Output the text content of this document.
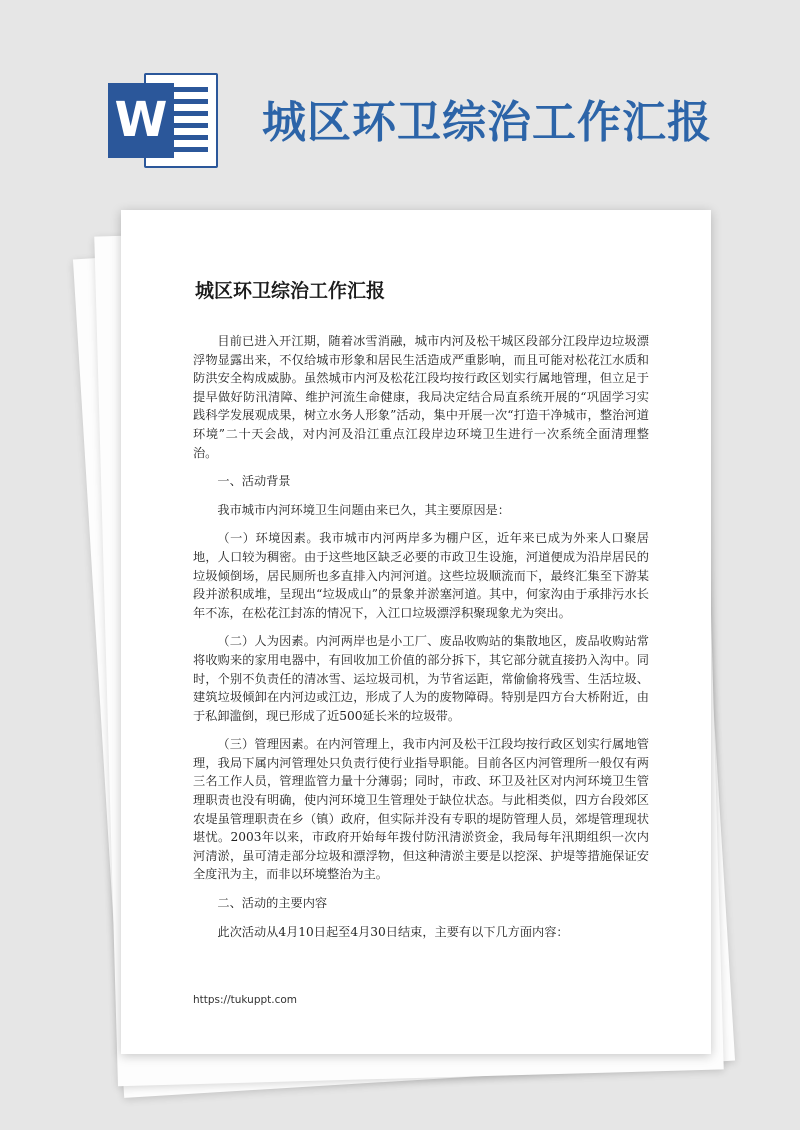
W 城区环卫综治工作汇报
城区环卫综治工作汇报

目前已进入开江期，随着冰雪消融，城市内河及松干城区段部分江段岸边垃圾漂浮物显露出来，不仅给城市形象和居民生活造成严重影响，而且可能对松花江水质和防洪安全构成威胁。虽然城市内河及松花江段均按行政区划实行属地管理，但立足于提早做好防汛清障、维护河流生命健康，我局决定结合局直系统开展的“巩固学习实践科学发展观成果，树立水务人形象”活动，集中开展一次“打造干净城市，整治河道环境”二十天会战，对内河及沿江重点江段岸边环境卫生进行一次系统全面清理整治。

一、活动背景

我市城市内河环境卫生问题由来已久，其主要原因是：

（一）环境因素。我市城市内河两岸多为棚户区，近年来已成为外来人口聚居地，人口较为稠密。由于这些地区缺乏必要的市政卫生设施，河道便成为沿岸居民的垃圾倾倒场，居民厕所也多直排入内河河道。这些垃圾顺流而下，最终汇集至下游某段并淤积成堆，呈现出“垃圾成山”的景象并淤塞河道。其中，何家沟由于承排污水长年不冻，在松花江封冻的情况下，入江口垃圾漂浮积聚现象尤为突出。

（二）人为因素。内河两岸也是小工厂、废品收购站的集散地区，废品收购站常将收购来的家用电器中，有回收加工价值的部分拆下，其它部分就直接扔入沟中。同时，个别不负责任的清冰雪、运垃圾司机，为节省运距，常偷偷将残雪、生活垃圾、建筑垃圾倾卸在内河边或江边，形成了人为的废物障碍。特别是四方台大桥附近，由于私卸滥倒，现已形成了近500延长米的垃圾带。

（三）管理因素。在内河管理上，我市内河及松干江段均按行政区划实行属地管理，我局下属内河管理处只负责行使行业指导职能。目前各区内河管理所一般仅有两三名工作人员，管理监管力量十分薄弱；同时，市政、环卫及社区对内河环境卫生管理职责也没有明确，使内河环境卫生管理处于缺位状态。与此相类似，四方台段郊区农堤虽管理职责在乡（镇）政府，但实际并没有专职的堤防管理人员，郊堤管理现状堪忧。2003年以来，市政府开始每年拨付防汛清淤资金，我局每年汛期组织一次内河清淤，虽可清走部分垃圾和漂浮物，但这种清淤主要是以挖深、护堤等措施保证安全度汛为主，而非以环境整治为主。

二、活动的主要内容

此次活动从4月10日起至4月30日结束，主要有以下几方面内容：

https://tukuppt.com
